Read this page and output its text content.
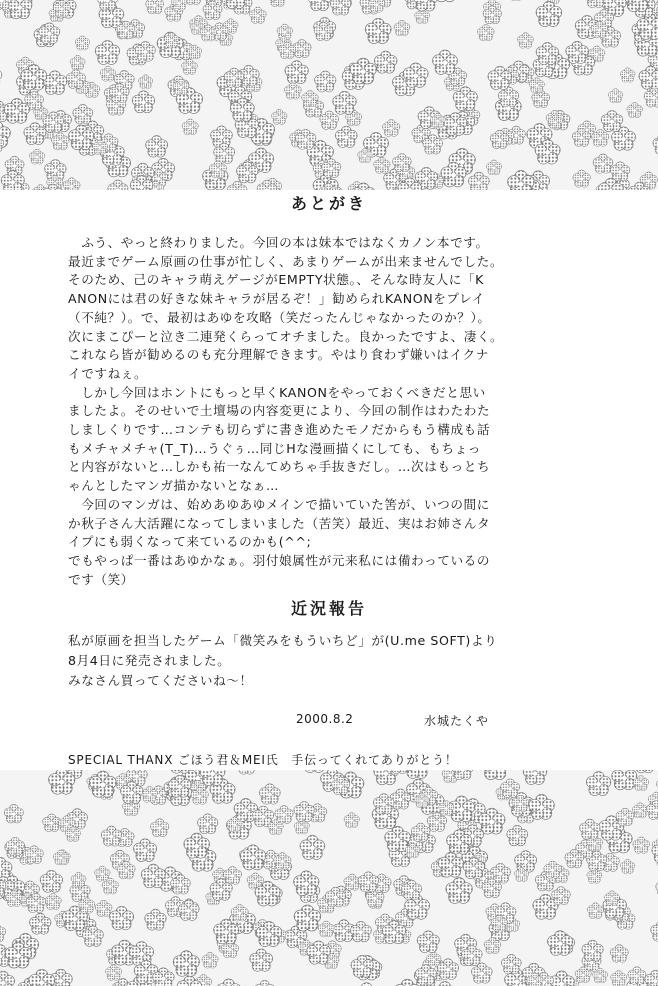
あとがき
　ふう、やっと終わりました。今回の本は妹本ではなくカノン本です。
最近までゲーム原画の仕事が忙しく、あまりゲームが出来ませんでした。
そのため、己のキャラ萌えゲージがEMPTY状態。、そんな時友人に「K
ANONには君の好きな妹キャラが居るぞ！」勧められKANONをプレイ
（不純？）。で、最初はあゆを攻略（笑だったんじゃなかったのか？）。
次にまこぴーと泣き二連発くらってオチました。良かったですよ、凄く。
これなら皆が勧めるのも充分理解できます。やはり食わず嫌いはイクナ
イですねぇ。
　しかし今回はホントにもっと早くKANONをやっておくべきだと思い
ましたよ。そのせいで土壇場の内容変更により、今回の制作はわたわた
しましくりです…コンテも切らずに書き進めたモノだからもう構成も話
もメチャメチャ(T_T)…うぐぅ…同じHな漫画描くにしても、もちょっ
と内容がないと…しかも祐一なんてめちゃ手抜きだし。…次はもっとち
ゃんとしたマンガ描かないとなぁ…
　今回のマンガは、始めあゆあゆメインで描いていた筈が、いつの間に
か秋子さん大活躍になってしまいました（苦笑）最近、実はお姉さんタ
イプにも弱くなって来ているのかも(^^;
でもやっぱ一番はあゆかなぁ。羽付娘属性が元来私には備わっているの
です（笑）
近況報告
私が原画を担当したゲーム「微笑みをもういちど」が(U.me SOFT)より
8月4日に発売されました。
みなさん買ってくださいね～！
2000.8.2	水城たくや
SPECIAL THANX ごほう君＆MEI氏　手伝ってくれてありがとう！
